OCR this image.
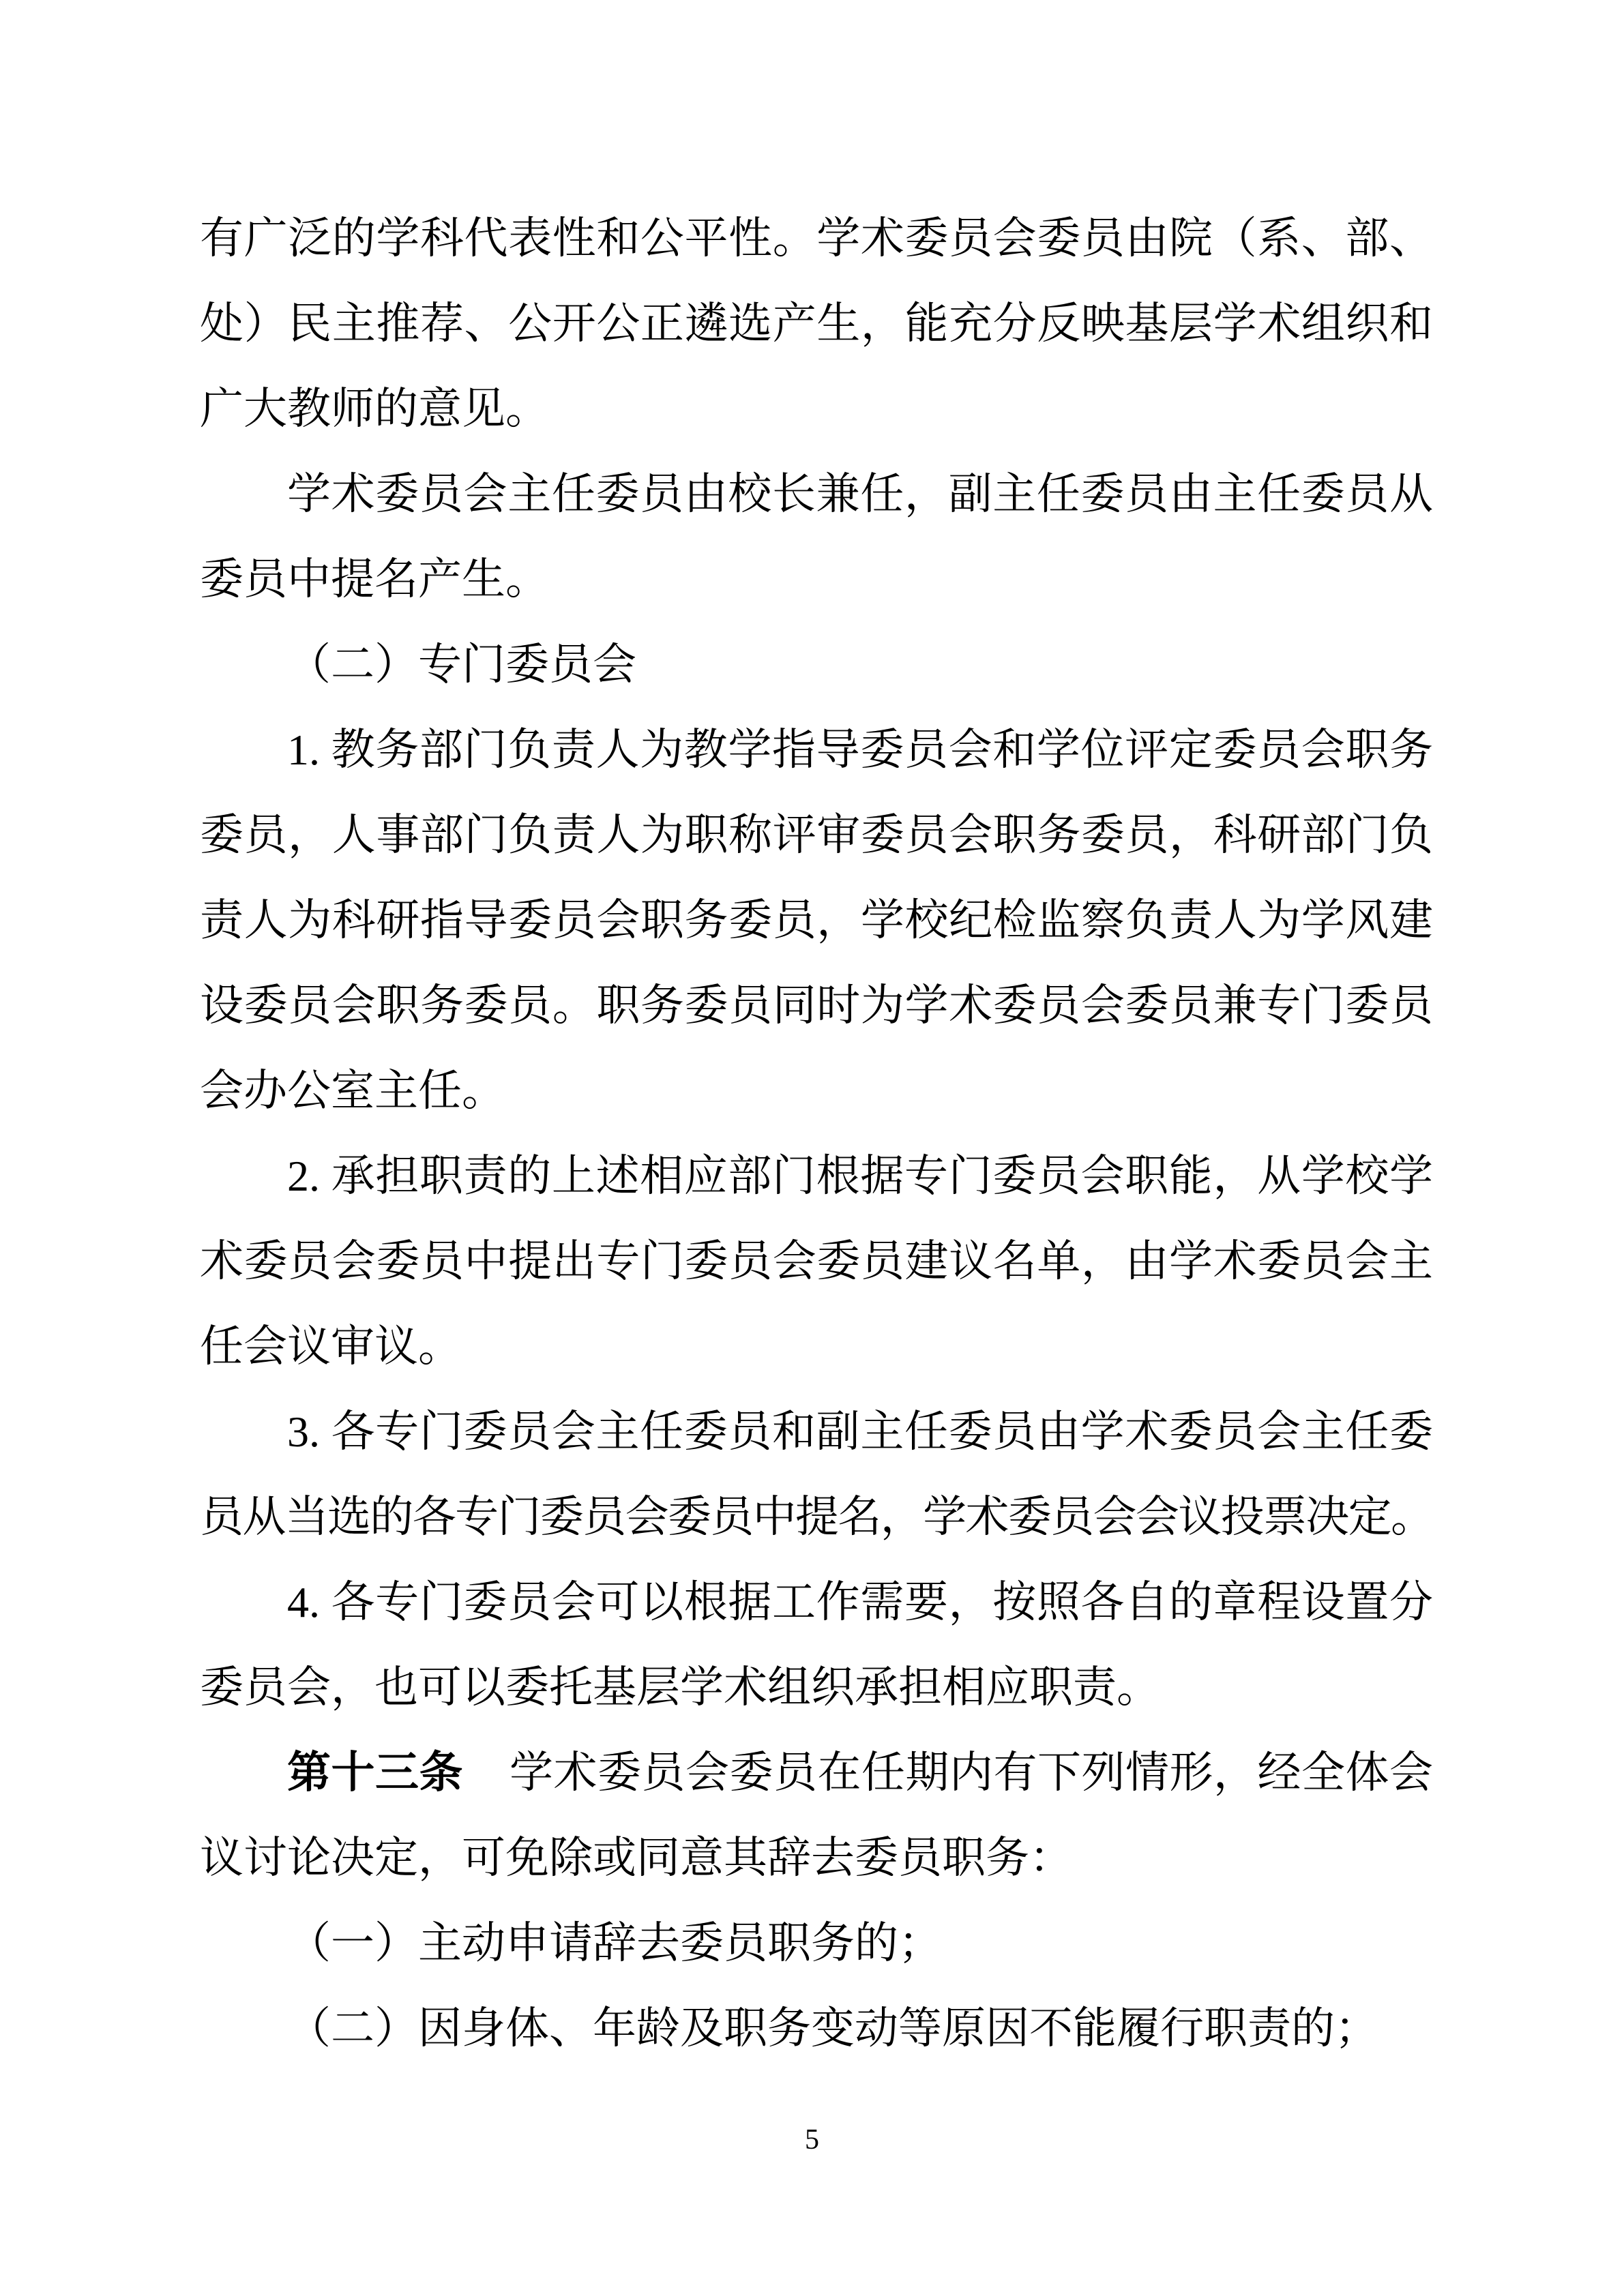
有广泛的学科代表性和公平性。学术委员会委员由院（系、部、
处）民主推荐、公开公正遴选产生，能充分反映基层学术组织和
广大教师的意见。
学术委员会主任委员由校长兼任，副主任委员由主任委员从
委员中提名产生。
（二）专门委员会
1. 教务部门负责人为教学指导委员会和学位评定委员会职务
委员，人事部门负责人为职称评审委员会职务委员，科研部门负
责人为科研指导委员会职务委员，学校纪检监察负责人为学风建
设委员会职务委员。职务委员同时为学术委员会委员兼专门委员
会办公室主任。
2. 承担职责的上述相应部门根据专门委员会职能，从学校学
术委员会委员中提出专门委员会委员建议名单，由学术委员会主
任会议审议。
3. 各专门委员会主任委员和副主任委员由学术委员会主任委
员从当选的各专门委员会委员中提名，学术委员会会议投票决定。
4. 各专门委员会可以根据工作需要，按照各自的章程设置分
委员会，也可以委托基层学术组织承担相应职责。
第十三条 学术委员会委员在任期内有下列情形，经全体会
议讨论决定，可免除或同意其辞去委员职务：
（一）主动申请辞去委员职务的；
（二）因身体、年龄及职务变动等原因不能履行职责的；
5
